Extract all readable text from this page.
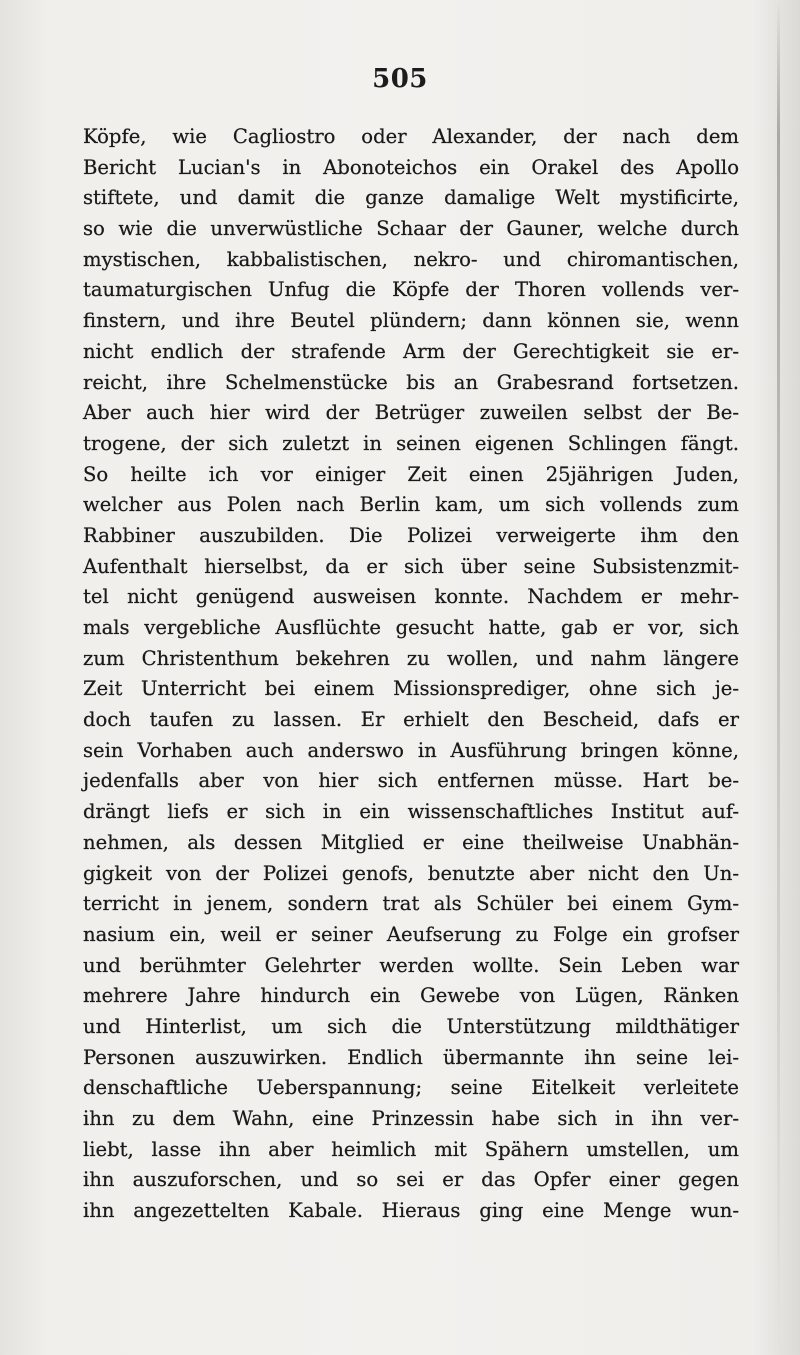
505
Köpfe, wie Cagliostro oder Alexander, der nach dem
Bericht Lucian's in Abonoteichos ein Orakel des Apollo
stiftete, und damit die ganze damalige Welt mystificirte,
so wie die unverwüstliche Schaar der Gauner, welche durch
mystischen, kabbalistischen, nekro- und chiromantischen,
taumaturgischen Unfug die Köpfe der Thoren vollends ver-
finstern, und ihre Beutel plündern; dann können sie, wenn
nicht endlich der strafende Arm der Gerechtigkeit sie er-
reicht, ihre Schelmenstücke bis an Grabesrand fortsetzen.
Aber auch hier wird der Betrüger zuweilen selbst der Be-
trogene, der sich zuletzt in seinen eigenen Schlingen fängt.
So heilte ich vor einiger Zeit einen 25jährigen Juden,
welcher aus Polen nach Berlin kam, um sich vollends zum
Rabbiner auszubilden. Die Polizei verweigerte ihm den
Aufenthalt hierselbst, da er sich über seine Subsistenzmit-
tel nicht genügend ausweisen konnte. Nachdem er mehr-
mals vergebliche Ausflüchte gesucht hatte, gab er vor, sich
zum Christenthum bekehren zu wollen, und nahm längere
Zeit Unterricht bei einem Missionsprediger, ohne sich je-
doch taufen zu lassen. Er erhielt den Bescheid, dafs er
sein Vorhaben auch anderswo in Ausführung bringen könne,
jedenfalls aber von hier sich entfernen müsse. Hart be-
drängt liefs er sich in ein wissenschaftliches Institut auf-
nehmen, als dessen Mitglied er eine theilweise Unabhän-
gigkeit von der Polizei genofs, benutzte aber nicht den Un-
terricht in jenem, sondern trat als Schüler bei einem Gym-
nasium ein, weil er seiner Aeufserung zu Folge ein grofser
und berühmter Gelehrter werden wollte. Sein Leben war
mehrere Jahre hindurch ein Gewebe von Lügen, Ränken
und Hinterlist, um sich die Unterstützung mildthätiger
Personen auszuwirken. Endlich übermannte ihn seine lei-
denschaftliche Ueberspannung; seine Eitelkeit verleitete
ihn zu dem Wahn, eine Prinzessin habe sich in ihn ver-
liebt, lasse ihn aber heimlich mit Spähern umstellen, um
ihn auszuforschen, und so sei er das Opfer einer gegen
ihn angezettelten Kabale. Hieraus ging eine Menge wun-
